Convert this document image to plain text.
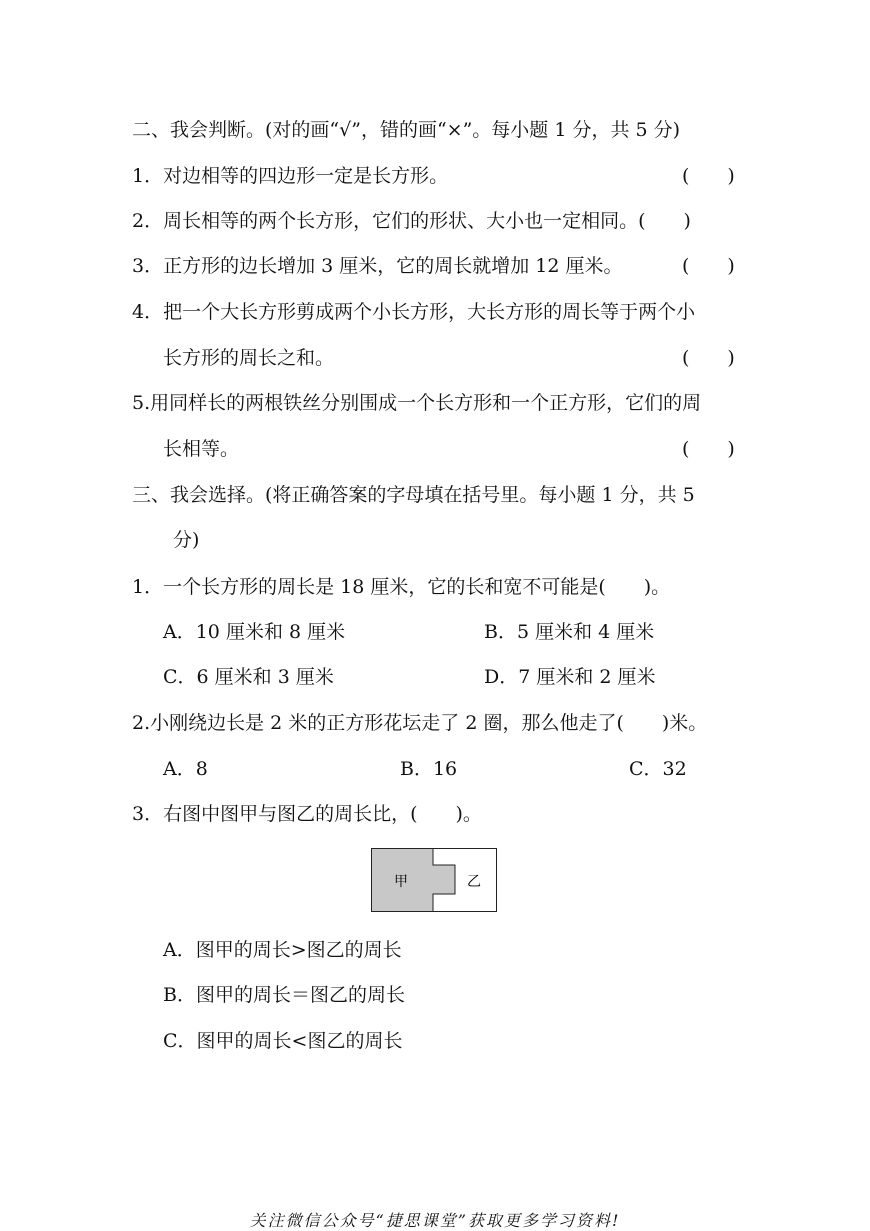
二、我会判断。(对的画“√”，错的画“×”。每小题 1 分，共 5 分)
1．对边相等的四边形一定是长方形。	(　　)
2．周长相等的两个长方形，它们的形状、大小也一定相同。(　　)
3．正方形的边长增加 3 厘米，它的周长就增加 12 厘米。	(　　)
4．把一个大长方形剪成两个小长方形，大长方形的周长等于两个小
长方形的周长之和。	(　　)
5.用同样长的两根铁丝分别围成一个长方形和一个正方形，它们的周
长相等。	(　　)
三、我会选择。(将正确答案的字母填在括号里。每小题 1 分，共 5
分)
1．一个长方形的周长是 18 厘米，它的长和宽不可能是(　　)。
A．10 厘米和 8 厘米	B．5 厘米和 4 厘米
C．6 厘米和 3 厘米	D．7 厘米和 2 厘米
2.小刚绕边长是 2 米的正方形花坛走了 2 圈，那么他走了(　　)米。
A．8	B．16	C．32
3．右图中图甲与图乙的周长比，(　　)。
甲	乙
A．图甲的周长>图乙的周长
B．图甲的周长＝图乙的周长
C．图甲的周长<图乙的周长
关注微信公众号“捷思课堂”获取更多学习资料!
